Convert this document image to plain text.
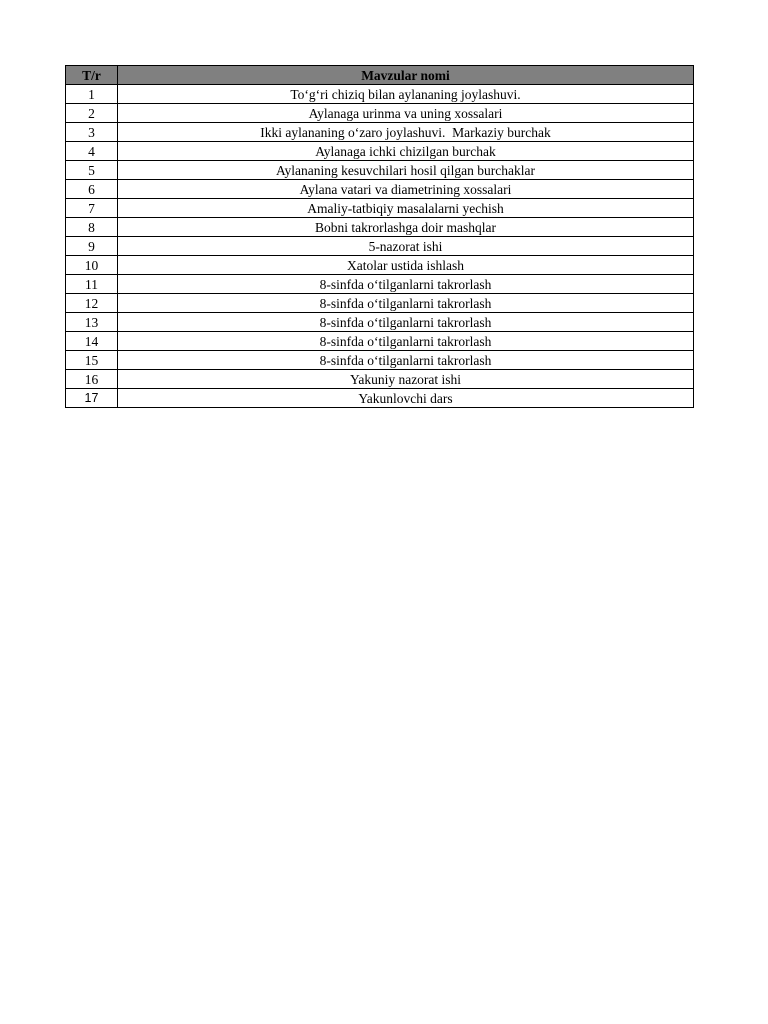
T/r	Mavzular nomi
1	To‘g‘ri chiziq bilan aylananing joylashuvi.
2	Aylanaga urinma va uning xossalari
3	Ikki aylananing o‘zaro joylashuvi.  Markaziy burchak
4	Aylanaga ichki chizilgan burchak
5	Aylananing kesuvchilari hosil qilgan burchaklar
6	Aylana vatari va diametrining xossalari
7	Amaliy-tatbiqiy masalalarni yechish
8	Bobni takrorlashga doir mashqlar
9	5-nazorat ishi
10	Xatolar ustida ishlash
11	8-sinfda o‘tilganlarni takrorlash
12	8-sinfda o‘tilganlarni takrorlash
13	8-sinfda o‘tilganlarni takrorlash
14	8-sinfda o‘tilganlarni takrorlash
15	8-sinfda o‘tilganlarni takrorlash
16	Yakuniy nazorat ishi
17	Yakunlovchi dars
